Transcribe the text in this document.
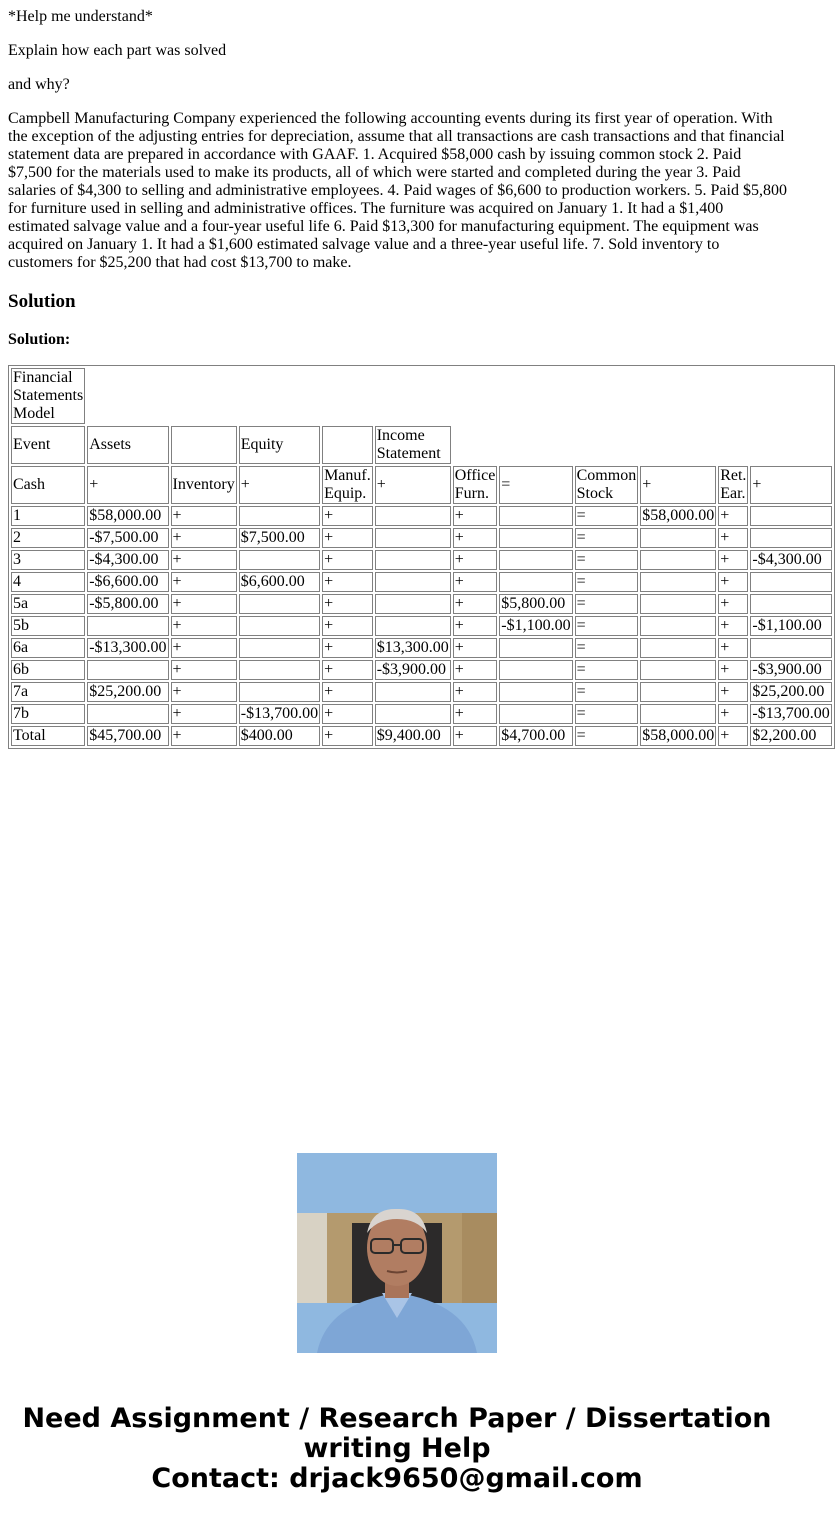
*Help me understand*

Explain how each part was solved

and why?

Campbell Manufacturing Company experienced the following accounting events during its first year of operation. With the exception of the adjusting entries for depreciation, assume that all transactions are cash transactions and that financial statement data are prepared in accordance with GAAF. 1. Acquired $58,000 cash by issuing common stock 2. Paid $7,500 for the materials used to make its products, all of which were started and completed during the year 3. Paid salaries of $4,300 to selling and administrative employees. 4. Paid wages of $6,600 to production workers. 5. Paid $5,800 for furniture used in selling and administrative offices. The furniture was acquired on January 1. It had a $1,400 estimated salvage value and a four-year useful life 6. Paid $13,300 for manufacturing equipment. The equipment was acquired on January 1. It had a $1,600 estimated salvage value and a three-year useful life. 7. Sold inventory to customers for $25,200 that had cost $13,700 to make.

Solution
Solution:
Financial Statements Model											
Event	Assets		Equity		Income Statement						
Cash	+	Inventory	+	Manuf. Equip.	+	Office Furn.	=	Common Stock	+	Ret. Ear.	+
1	$58,000.00	+		+		+		=	$58,000.00	+	
2	-$7,500.00	+	$7,500.00	+		+		=		+	
3	-$4,300.00	+		+		+		=		+	-$4,300.00
4	-$6,600.00	+	$6,600.00	+		+		=		+	
5a	-$5,800.00	+		+		+	$5,800.00	=		+	
5b		+		+		+	-$1,100.00	=		+	-$1,100.00
6a	-$13,300.00	+		+	$13,300.00	+		=		+	
6b		+		+	-$3,900.00	+		=		+	-$3,900.00
7a	$25,200.00	+		+		+		=		+	$25,200.00
7b		+	-$13,700.00	+		+		=		+	-$13,700.00
Total	$45,700.00	+	$400.00	+	$9,400.00	+	$4,700.00	=	$58,000.00	+	$2,200.00
Need Assignment / Research Paper / Dissertation writing Help
Contact: drjack9650@gmail.com
